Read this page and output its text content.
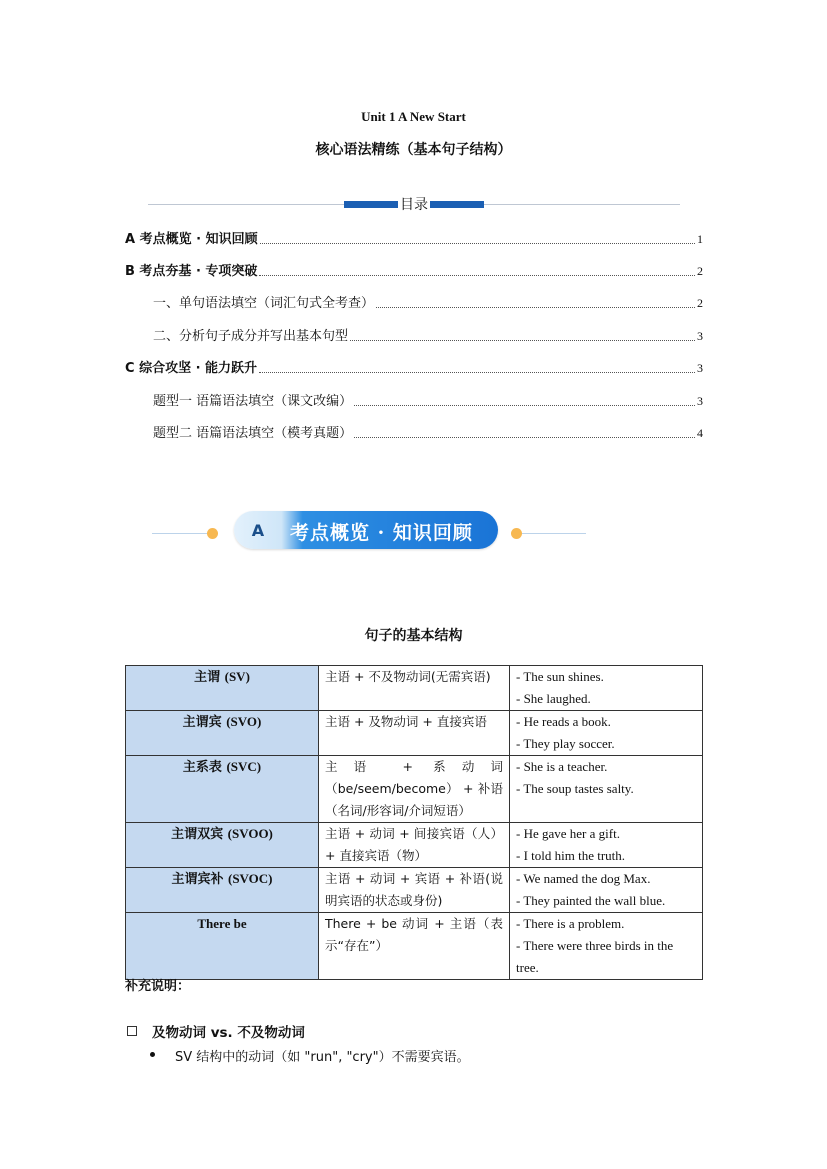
Unit 1 A New Start
核心语法精练（基本句子结构）
目录
A 考点概览 · 知识回顾	1
B 考点夯基 · 专项突破	2
一、单句语法填空（词汇句式全考查）	2
二、分析句子成分并写出基本句型	3
C 综合攻坚 · 能力跃升	3
题型一 语篇语法填空（课文改编）	3
题型二 语篇语法填空（模考真题）	4
A	考点概览 · 知识回顾
句子的基本结构
主谓 (SV)	主语 + 不及物动词(无需宾语)	- The sun shines.
- She laughed.

主谓宾 (SVO)	主语 + 及物动词 + 直接宾语	- He reads a book.
- They play soccer.

主系表 (SVC)	主语 + 系动词（be/seem/become） + 补语（名词/形容词/介词短语）	- She is a teacher.
- The soup tastes salty.

主谓双宾 (SVOO)	主语 + 动词 + 间接宾语（人） + 直接宾语（物）	- He gave her a gift.
- I told him the truth.

主谓宾补 (SVOC)	主语 + 动词 + 宾语 + 补语(说明宾语的状态或身份)	- We named the dog Max.
- They painted the wall blue.

There be	There + be 动词 + 主语（表示“存在”）	- There is a problem.
- There were three birds in the tree.
补充说明：
及物动词 vs. 不及物动词
SV 结构中的动词（如 "run", "cry"）不需要宾语。
